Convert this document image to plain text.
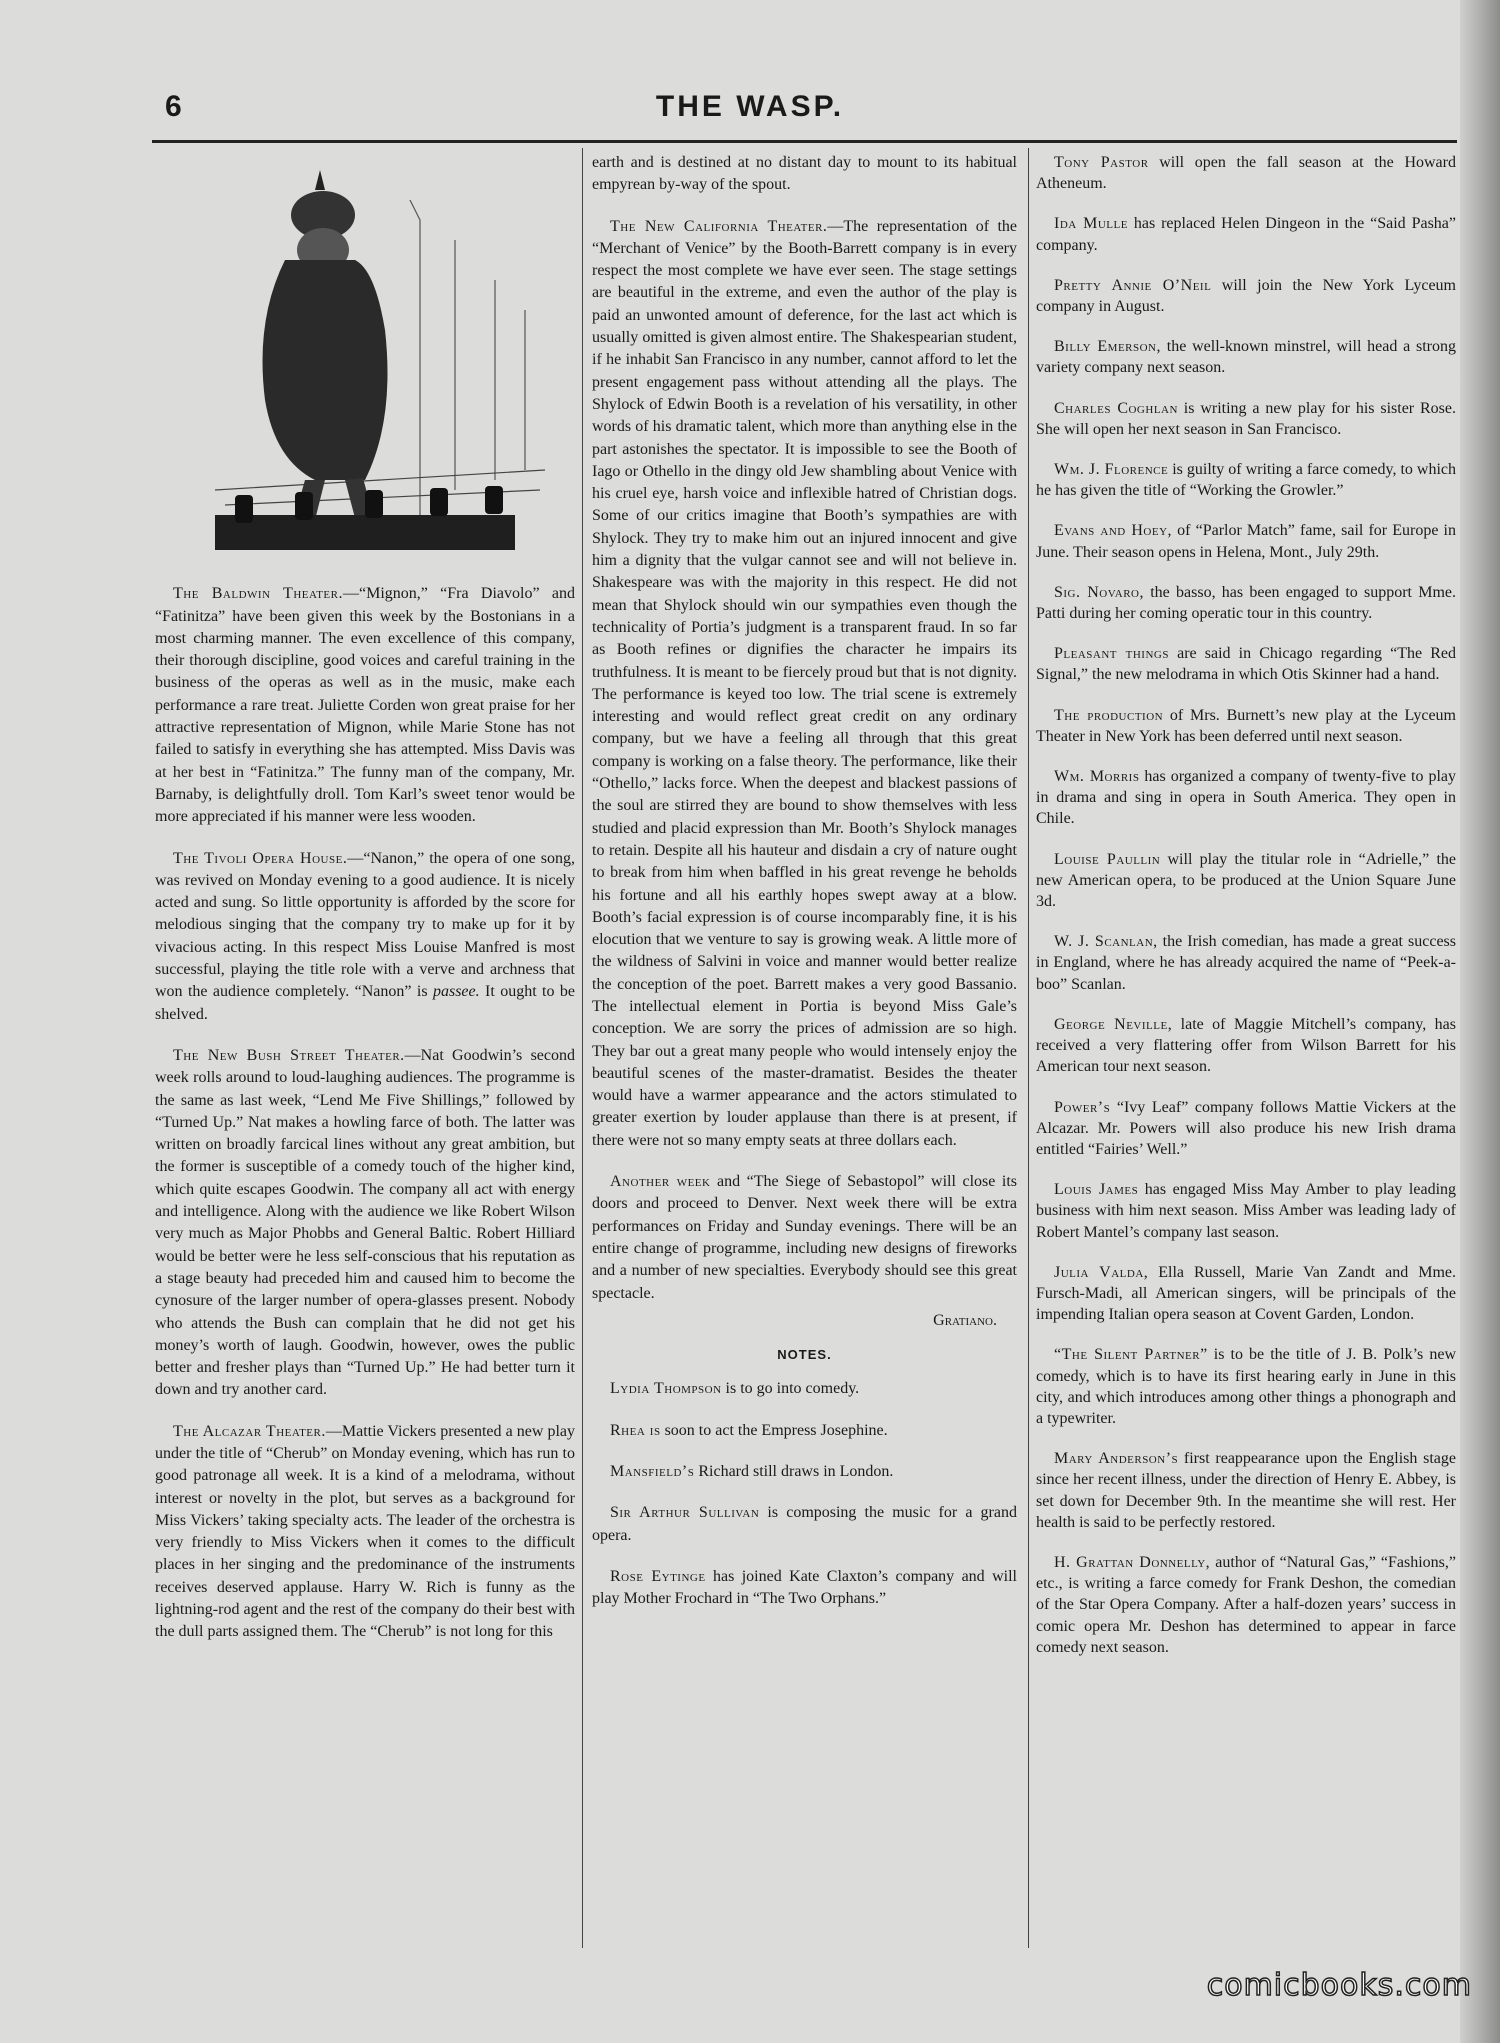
6	THE WASP.

The Baldwin Theater.—“Mignon,” “Fra Diavolo” and “Fatinitza” have been given this week by the Bostonians in a most charming manner. The even excellence of this company, their thorough discipline, good voices and careful training in the business of the operas as well as in the music, make each performance a rare treat. Juliette Corden won great praise for her attractive representation of Mignon, while Marie Stone has not failed to satisfy in everything she has attempted. Miss Davis was at her best in “Fatinitza.” The funny man of the company, Mr. Barnaby, is delightfully droll. Tom Karl’s sweet tenor would be more appreciated if his manner were less wooden.

The Tivoli Opera House.—“Nanon,” the opera of one song, was revived on Monday evening to a good audience. It is nicely acted and sung. So little opportunity is afforded by the score for melodious singing that the company try to make up for it by vivacious acting. In this respect Miss Louise Manfred is most successful, playing the title role with a verve and archness that won the audience completely. “Nanon” is passee. It ought to be shelved.

The New Bush Street Theater.—Nat Goodwin’s second week rolls around to loud-laughing audiences. The programme is the same as last week, “Lend Me Five Shillings,” followed by “Turned Up.” Nat makes a howling farce of both. The latter was written on broadly farcical lines without any great ambition, but the former is susceptible of a comedy touch of the higher kind, which quite escapes Goodwin. The company all act with energy and intelligence. Along with the audience we like Robert Wilson very much as Major Phobbs and General Baltic. Robert Hilliard would be better were he less self-conscious that his reputation as a stage beauty had preceded him and caused him to become the cynosure of the larger number of opera-glasses present. Nobody who attends the Bush can complain that he did not get his money’s worth of laugh. Goodwin, however, owes the public better and fresher plays than “Turned Up.” He had better turn it down and try another card.

The Alcazar Theater.—Mattie Vickers presented a new play under the title of “Cherub” on Monday evening, which has run to good patronage all week. It is a kind of a melodrama, without interest or novelty in the plot, but serves as a background for Miss Vickers’ taking specialty acts. The leader of the orchestra is very friendly to Miss Vickers when it comes to the difficult places in her singing and the predominance of the instruments receives deserved applause. Harry W. Rich is funny as the lightning-rod agent and the rest of the company do their best with the dull parts assigned them. The “Cherub” is not long for this

earth and is destined at no distant day to mount to its habitual empyrean by-way of the spout.

The New California Theater.—The representation of the “Merchant of Venice” by the Booth-Barrett company is in every respect the most complete we have ever seen. The stage settings are beautiful in the extreme, and even the author of the play is paid an unwonted amount of deference, for the last act which is usually omitted is given almost entire. The Shakespearian student, if he inhabit San Francisco in any number, cannot afford to let the present engagement pass without attending all the plays. The Shylock of Edwin Booth is a revelation of his versatility, in other words of his dramatic talent, which more than anything else in the part astonishes the spectator. It is impossible to see the Booth of Iago or Othello in the dingy old Jew shambling about Venice with his cruel eye, harsh voice and inflexible hatred of Christian dogs. Some of our critics imagine that Booth’s sympathies are with Shylock. They try to make him out an injured innocent and give him a dignity that the vulgar cannot see and will not believe in. Shakespeare was with the majority in this respect. He did not mean that Shylock should win our sympathies even though the technicality of Portia’s judgment is a transparent fraud. In so far as Booth refines or dignifies the character he impairs its truthfulness. It is meant to be fiercely proud but that is not dignity. The performance is keyed too low. The trial scene is extremely interesting and would reflect great credit on any ordinary company, but we have a feeling all through that this great company is working on a false theory. The performance, like their “Othello,” lacks force. When the deepest and blackest passions of the soul are stirred they are bound to show themselves with less studied and placid expression than Mr. Booth’s Shylock manages to retain. Despite all his hauteur and disdain a cry of nature ought to break from him when baffled in his great revenge he beholds his fortune and all his earthly hopes swept away at a blow. Booth’s facial expression is of course incomparably fine, it is his elocution that we venture to say is growing weak. A little more of the wildness of Salvini in voice and manner would better realize the conception of the poet. Barrett makes a very good Bassanio. The intellectual element in Portia is beyond Miss Gale’s conception. We are sorry the prices of admission are so high. They bar out a great many people who would intensely enjoy the beautiful scenes of the master-dramatist. Besides the theater would have a warmer appearance and the actors stimulated to greater exertion by louder applause than there is at present, if there were not so many empty seats at three dollars each.

Another week and “The Siege of Sebastopol” will close its doors and proceed to Denver. Next week there will be extra performances on Friday and Sunday evenings. There will be an entire change of programme, including new designs of fireworks and a number of new specialties. Everybody should see this great spectacle.

Gratiano.

NOTES.

Lydia Thompson is to go into comedy.

Rhea is soon to act the Empress Josephine.

Mansfield’s Richard still draws in London.

Sir Arthur Sullivan is composing the music for a grand opera.

Rose Eytinge has joined Kate Claxton’s company and will play Mother Frochard in “The Two Orphans.”

Tony Pastor will open the fall season at the Howard Atheneum.

Ida Mulle has replaced Helen Dingeon in the “Said Pasha” company.

Pretty Annie O’Neil will join the New York Lyceum company in August.

Billy Emerson, the well-known minstrel, will head a strong variety company next season.

Charles Coghlan is writing a new play for his sister Rose. She will open her next season in San Francisco.

Wm. J. Florence is guilty of writing a farce comedy, to which he has given the title of “Working the Growler.”

Evans and Hoey, of “Parlor Match” fame, sail for Europe in June. Their season opens in Helena, Mont., July 29th.

Sig. Novaro, the basso, has been engaged to support Mme. Patti during her coming operatic tour in this country.

Pleasant things are said in Chicago regarding “The Red Signal,” the new melodrama in which Otis Skinner had a hand.

The production of Mrs. Burnett’s new play at the Lyceum Theater in New York has been deferred until next season.

Wm. Morris has organized a company of twenty-five to play in drama and sing in opera in South America. They open in Chile.

Louise Paullin will play the titular role in “Adrielle,” the new American opera, to be produced at the Union Square June 3d.

W. J. Scanlan, the Irish comedian, has made a great success in England, where he has already acquired the name of “Peek-a-boo” Scanlan.

George Neville, late of Maggie Mitchell’s company, has received a very flattering offer from Wilson Barrett for his American tour next season.

Power’s “Ivy Leaf” company follows Mattie Vickers at the Alcazar. Mr. Powers will also produce his new Irish drama entitled “Fairies’ Well.”

Louis James has engaged Miss May Amber to play leading business with him next season. Miss Amber was leading lady of Robert Mantel’s company last season.

Julia Valda, Ella Russell, Marie Van Zandt and Mme. Fursch-Madi, all American singers, will be principals of the impending Italian opera season at Covent Garden, London.

“The Silent Partner” is to be the title of J. B. Polk’s new comedy, which is to have its first hearing early in June in this city, and which introduces among other things a phonograph and a typewriter.

Mary Anderson’s first reappearance upon the English stage since her recent illness, under the direction of Henry E. Abbey, is set down for December 9th. In the meantime she will rest. Her health is said to be perfectly restored.

H. Grattan Donnelly, author of “Natural Gas,” “Fashions,” etc., is writing a farce comedy for Frank Deshon, the comedian of the Star Opera Company. After a half-dozen years’ success in comic opera Mr. Deshon has determined to appear in farce comedy next season.

comicbooks.com
